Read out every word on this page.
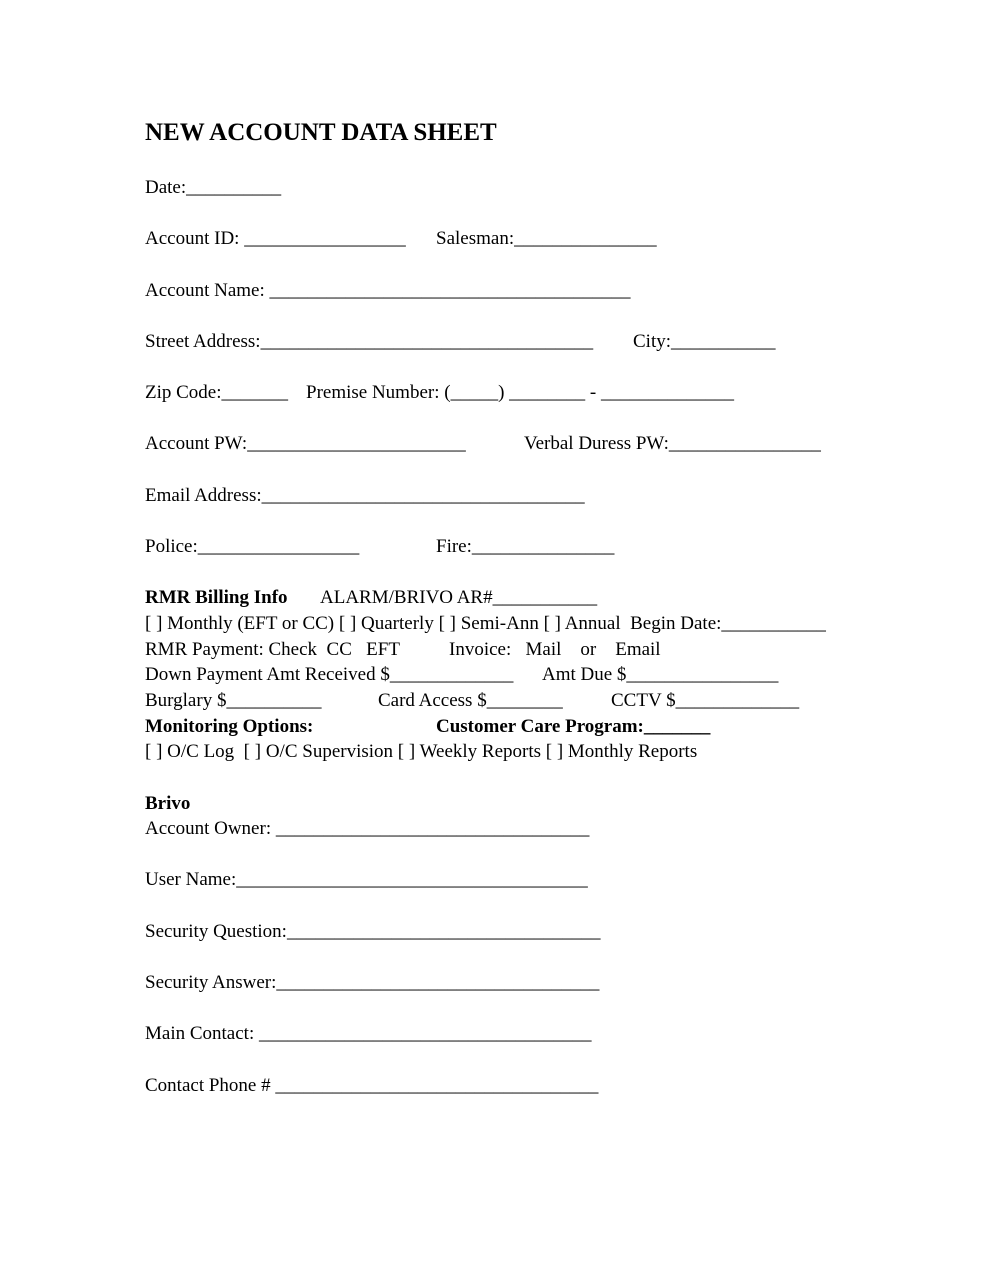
NEW ACCOUNT DATA SHEET
Date:__________

Account ID: _________________

Salesman:_______________

Account Name: ______________________________________

Street Address:___________________________________

City:___________

Zip Code:_______

Premise Number: (_____) ________ - ______________

Account PW:_______________________

	Verbal Duress PW:________________

Email Address:__________________________________

Police:_________________

	Fire:_______________

RMR Billing Info

ALARM/BRIVO AR#___________

[ ] Monthly (EFT or CC) [ ] Quarterly [ ] Semi-Ann [ ] Annual  Begin Date:___________

RMR Payment: Check  CC   EFT

	Invoice:   Mail    or    Email

Down Payment Amt Received $_____________

Amt Due $________________

Burglary $__________

	Card Access $________

	CCTV $_____________

Monitoring Options:

	Customer Care Program:_______

[ ] O/C Log  [ ] O/C Supervision [ ] Weekly Reports [ ] Monthly Reports
Brivo
Account Owner: _________________________________
User Name:_____________________________________
Security Question:_________________________________
Security Answer:__________________________________
Main Contact: ___________________________________
Contact Phone # __________________________________
